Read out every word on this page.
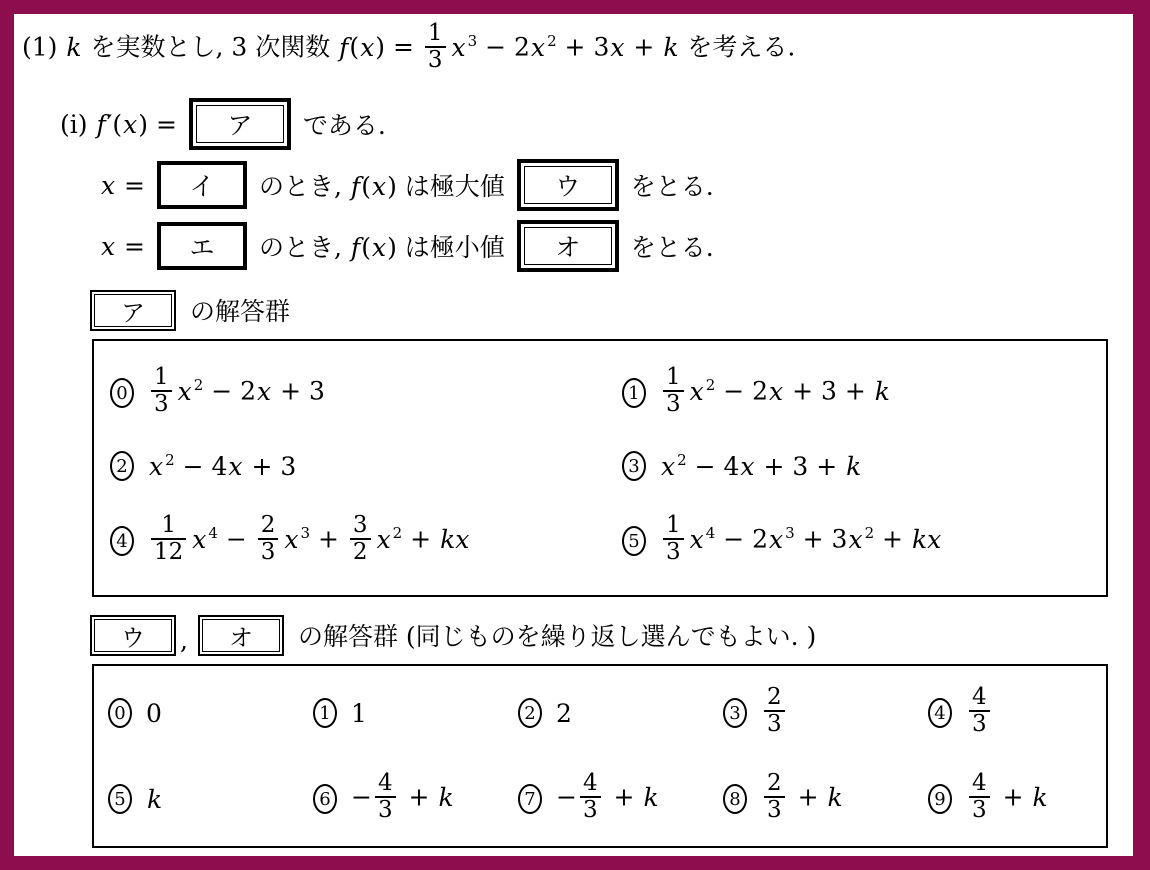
(1) k を実数とし, 3 次関数 $f(x) = \frac{1}{3}$ x $^3$ − 2x $^2$ + 3x + k を考える.
(i) f′(x) =	ア	である.
x =	イ	のとき, f(x) は極大値	ウ	をとる.
x =	エ	のとき, f(x) は極小値	オ	をとる.
ア	の解答群
$0 \frac{1}{3}$ x $^2$ − 2x + 3	$1 \frac{1}{3}$ x $^2$ − 2x + 3 + k
2 x $^2$ − 4x + 3	3 x $^2$ − 4x + 3 + k
$4 \frac{1}{12}$ x $^4 - \frac{2}{3}$ x $^3 + \frac{3}{2}$ x $^2$ + kx	$5 \frac{1}{3}$ x $^4$ − 2x $^3$ + 3x $^2$ + kx
ウ	,	オ	の解答群 (同じものを繰り返し選んでもよい. )
0 0	1 1	2 2	$3 \frac{2}{3}$	$4 \frac{4}{3}$
5 k	$6 - \frac{4}{3} + k$	$7 - \frac{4}{3} + k$	$8 \frac{2}{3} + k$	$9 \frac{4}{3} + k$
